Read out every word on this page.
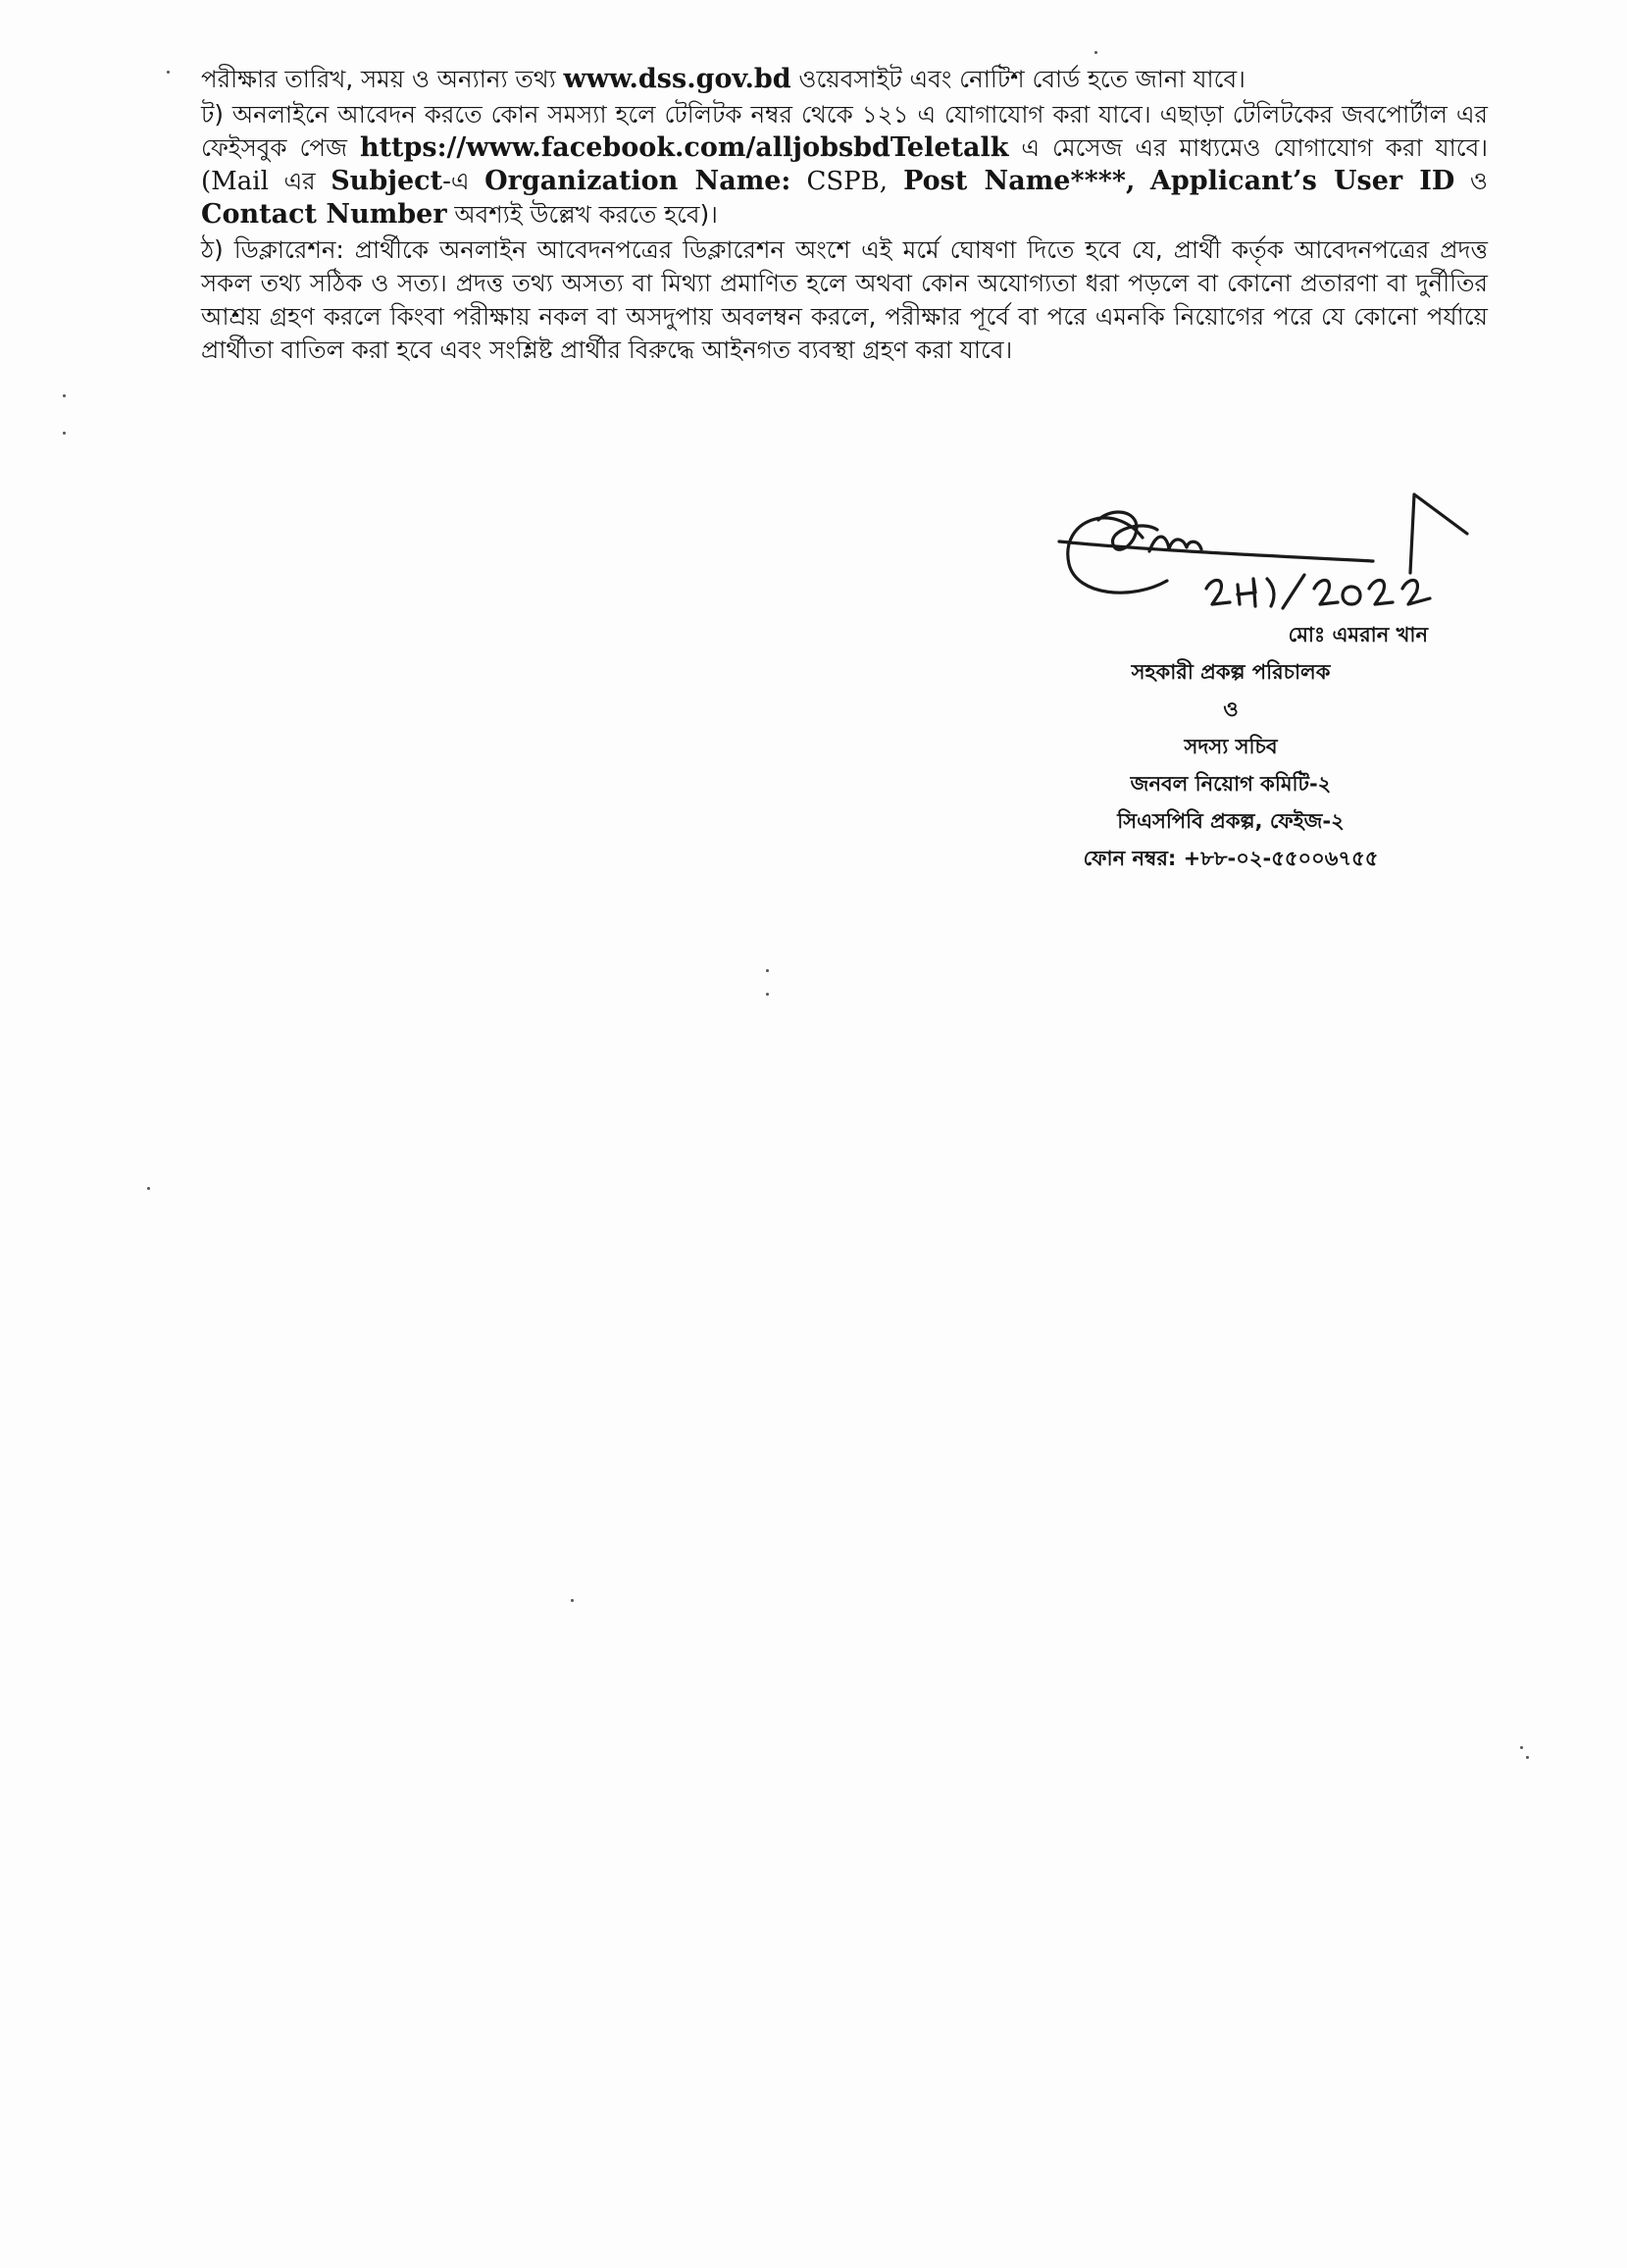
পরীক্ষার তারিখ, সময় ও অন্যান্য তথ্য www.dss.gov.bd ওয়েবসাইট এবং নোটিশ বোর্ড হতে জানা যাবে।

ট) অনলাইনে আবেদন করতে কোন সমস্যা হলে টেলিটক নম্বর থেকে ১২১ এ যোগাযোগ করা যাবে। এছাড়া টেলিটকের জবপোর্টাল এর ফেইসবুক পেজ https://www.facebook.com/alljobsbdTeletalk এ মেসেজ এর মাধ্যমেও যোগাযোগ করা যাবে। (Mail এর Subject-এ Organization Name: CSPB, Post Name****, Applicant’s User ID ও Contact Number অবশ্যই উল্লেখ করতে হবে)।

ঠ) ডিক্লারেশন: প্রার্থীকে অনলাইন আবেদনপত্রের ডিক্লারেশন অংশে এই মর্মে ঘোষণা দিতে হবে যে, প্রার্থী কর্তৃক আবেদনপত্রের প্রদত্ত সকল তথ্য সঠিক ও সত্য। প্রদত্ত তথ্য অসত্য বা মিথ্যা প্রমাণিত হলে অথবা কোন অযোগ্যতা ধরা পড়লে বা কোনো প্রতারণা বা দুর্নীতির আশ্রয় গ্রহণ করলে কিংবা পরীক্ষায় নকল বা অসদুপায় অবলম্বন করলে, পরীক্ষার পূর্বে বা পরে এমনকি নিয়োগের পরে যে কোনো পর্যায়ে প্রার্থীতা বাতিল করা হবে এবং সংশ্লিষ্ট প্রার্থীর বিরুদ্ধে আইনগত ব্যবস্থা গ্রহণ করা যাবে।

মোঃ এমরান খান
সহকারী প্রকল্প পরিচালক
ও
সদস্য সচিব
জনবল নিয়োগ কমিটি-২
সিএসপিবি প্রকল্প, ফেইজ-২
ফোন নম্বর: +৮৮-০২-৫৫০০৬৭৫৫
